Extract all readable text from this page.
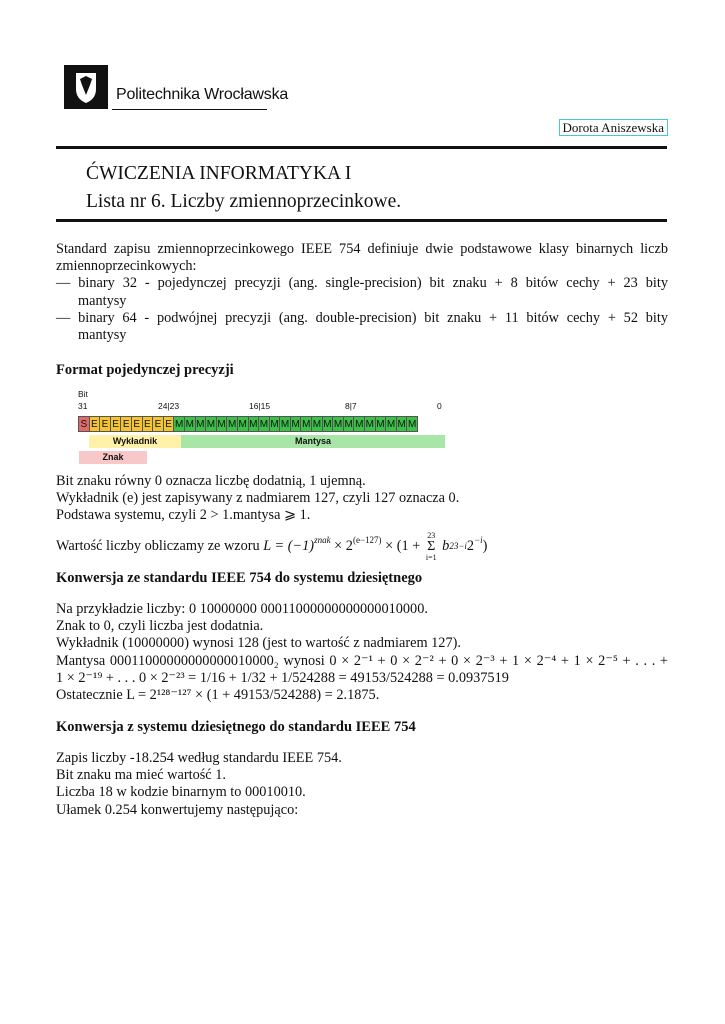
Politechnika Wrocławska
Dorota Aniszewska
ĆWICZENIA INFORMATYKA I
Lista nr 6. Liczby zmiennoprzecinkowe.
Standard zapisu zmiennoprzecinkowego IEEE 754 definiuje dwie podstawowe klasy binarnych liczb
zmiennoprzecinkowych:
— binary 32 - pojedynczej precyzji (ang. single-precision) bit znaku + 8 bitów cechy + 23 bity
mantysy
— binary 64 - podwójnej precyzji (ang. double-precision) bit znaku + 11 bitów cechy + 52 bity
mantysy
Format pojedynczej precyzji
Bit
31	24|23	16|15	8|7	0
S E E E E E E E E M M M M M M M M M M M M M M M M M M M M M M M
Wykładnik	Mantysa
Znak
Bit znaku równy 0 oznacza liczbę dodatnią, 1 ujemną.
Wykładnik (e) jest zapisywany z nadmiarem 127, czyli 127 oznacza 0.
Podstawa systemu, czyli 2 > 1.mantysa ⩾ 1.
Wartość liczby obliczamy ze wzoru $L = (-1)^{znak} \times 2^{(e-127)} \times (1$ +
23
Σ
i=1
b 23−i $2^{-i}$ )
Konwersja ze standardu IEEE 754 do systemu dziesiętnego
Na przykładzie liczby: 0 10000000 00011000000000000010000.
Znak to 0, czyli liczba jest dodatnia.
Wykładnik (10000000) wynosi 128 (jest to wartość z nadmiarem 127).
Mantysa 00011000000000000010000₂ wynosi 0 × 2⁻¹ + 0 × 2⁻² + 0 × 2⁻³ + 1 × 2⁻⁴ + 1 × 2⁻⁵ + . . . +
1 × 2⁻¹⁹ + . . . 0 × 2⁻²³ = 1/16 + 1/32 + 1/524288 = 49153/524288 = 0.0937519
Ostatecznie L = 2¹²⁸⁻¹²⁷ × (1 + 49153/524288) = 2.1875.
Konwersja z systemu dziesiętnego do standardu IEEE 754
Zapis liczby -18.254 według standardu IEEE 754.
Bit znaku ma mieć wartość 1.
Liczba 18 w kodzie binarnym to 00010010.
Ułamek 0.254 konwertujemy następująco:
